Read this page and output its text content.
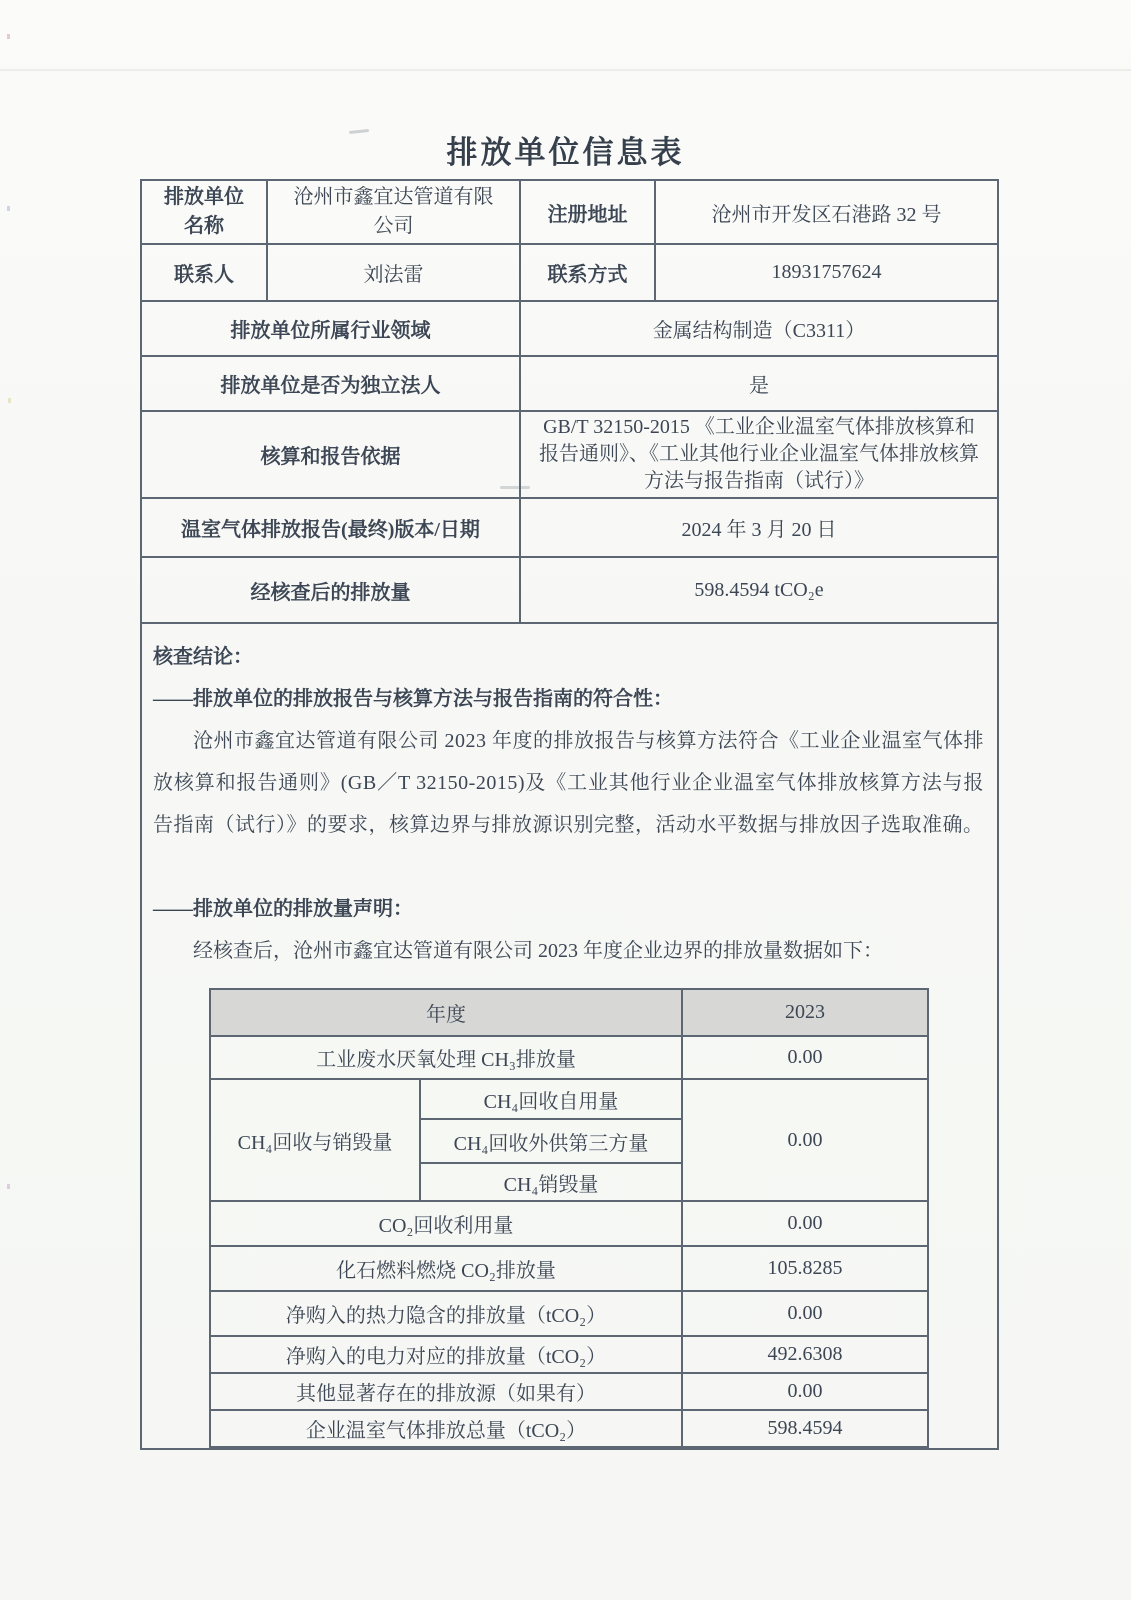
排放单位信息表
排放单位名称	沧州市鑫宜达管道有限公司	注册地址	沧州市开发区石港路 32 号
联系人	刘法雷	联系方式	18931757624
排放单位所属行业领域	金属结构制造（C3311）
排放单位是否为独立法人	是
核算和报告依据	GB/T 32150-2015 《工业企业温室气体排放核算和报告通则》、《工业其他行业企业温室气体排放核算方法与报告指南（试行）》
温室气体排放报告(最终)版本/日期	2024 年 3 月 20 日
经核查后的排放量	598.4594 tCO₂e

核查结论：
——排放单位的排放报告与核算方法与报告指南的符合性：
沧州市鑫宜达管道有限公司 2023 年度的排放报告与核算方法符合《工业企业温室气体排放核算和报告通则》(GB／T 32150-2015)及《工业其他行业企业温室气体排放核算方法与报告指南（试行）》的要求，核算边界与排放源识别完整，活动水平数据与排放因子选取准确。
——排放单位的排放量声明：
经核查后，沧州市鑫宜达管道有限公司 2023 年度企业边界的排放量数据如下：
年度	2023
工业废水厌氧处理 CH₃排放量	0.00
CH₄回收与销毁量	CH₄回收自用量	0.00
CH₄回收外供第三方量
CH₄销毁量
CO₂回收利用量	0.00
化石燃料燃烧 CO₂排放量	105.8285
净购入的热力隐含的排放量（tCO₂）	0.00
净购入的电力对应的排放量（tCO₂）	492.6308
其他显著存在的排放源（如果有）	0.00
企业温室气体排放总量（tCO₂）	598.4594
